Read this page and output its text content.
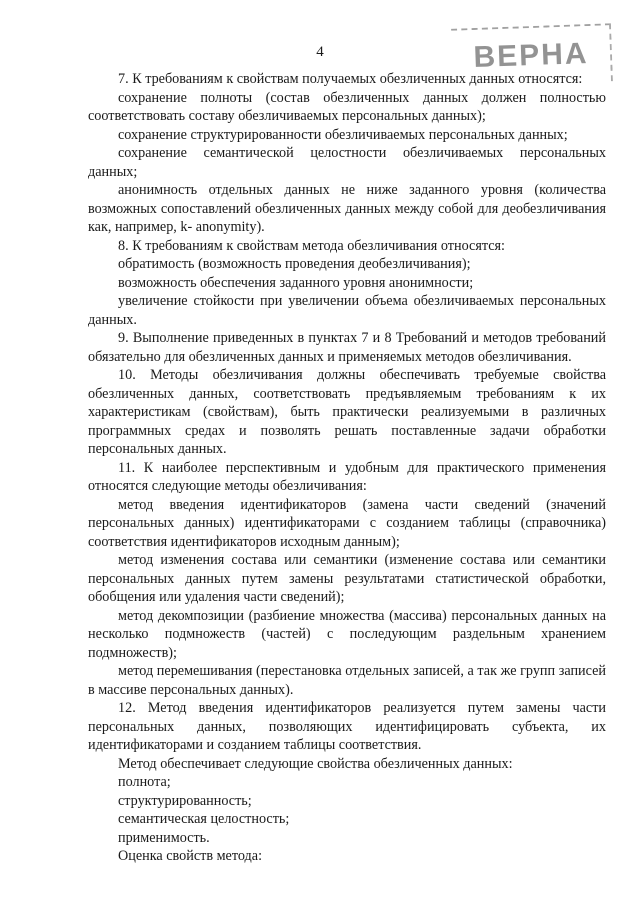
4	ВЕРНА

7. К требованиям к свойствам получаемых обезличенных данных относятся:

сохранение полноты (состав обезличенных данных должен полностью соответствовать составу обезличиваемых персональных данных);

сохранение структурированности обезличиваемых персональных данных;

сохранение семантической целостности обезличиваемых персональных данных;

анонимность отдельных данных не ниже заданного уровня (количества возможных сопоставлений обезличенных данных между собой для деобезличивания как, например, k- anonymity).

8. К требованиям к свойствам метода обезличивания относятся:

обратимость (возможность проведения деобезличивания);

возможность обеспечения заданного уровня анонимности;

увеличение стойкости при увеличении объема обезличиваемых персональных данных.

9. Выполнение приведенных в пунктах 7 и 8 Требований и методов требований обязательно для обезличенных данных и применяемых методов обезличивания.

10. Методы обезличивания должны обеспечивать требуемые свойства обезличенных данных, соответствовать предъявляемым требованиям к их характеристикам (свойствам), быть практически реализуемыми в различных программных средах и позволять решать поставленные задачи обработки персональных данных.

11. К наиболее перспективным и удобным для практического применения относятся следующие методы обезличивания:

метод введения идентификаторов (замена части сведений (значений персональных данных) идентификаторами с созданием таблицы (справочника) соответствия идентификаторов исходным данным);

метод изменения состава или семантики (изменение состава или семантики персональных данных путем замены результатами статистической обработки, обобщения или удаления части сведений);

метод декомпозиции (разбиение множества (массива) персональных данных на несколько подмножеств (частей) с последующим раздельным хранением подмножеств);

метод перемешивания (перестановка отдельных записей, а так же групп записей в массиве персональных данных).

12. Метод введения идентификаторов реализуется путем замены части персональных данных, позволяющих идентифицировать субъекта, их идентификаторами и созданием таблицы соответствия.

Метод обеспечивает следующие свойства обезличенных данных:

полнота;

структурированность;

семантическая целостность;

применимость.

Оценка свойств метода:
